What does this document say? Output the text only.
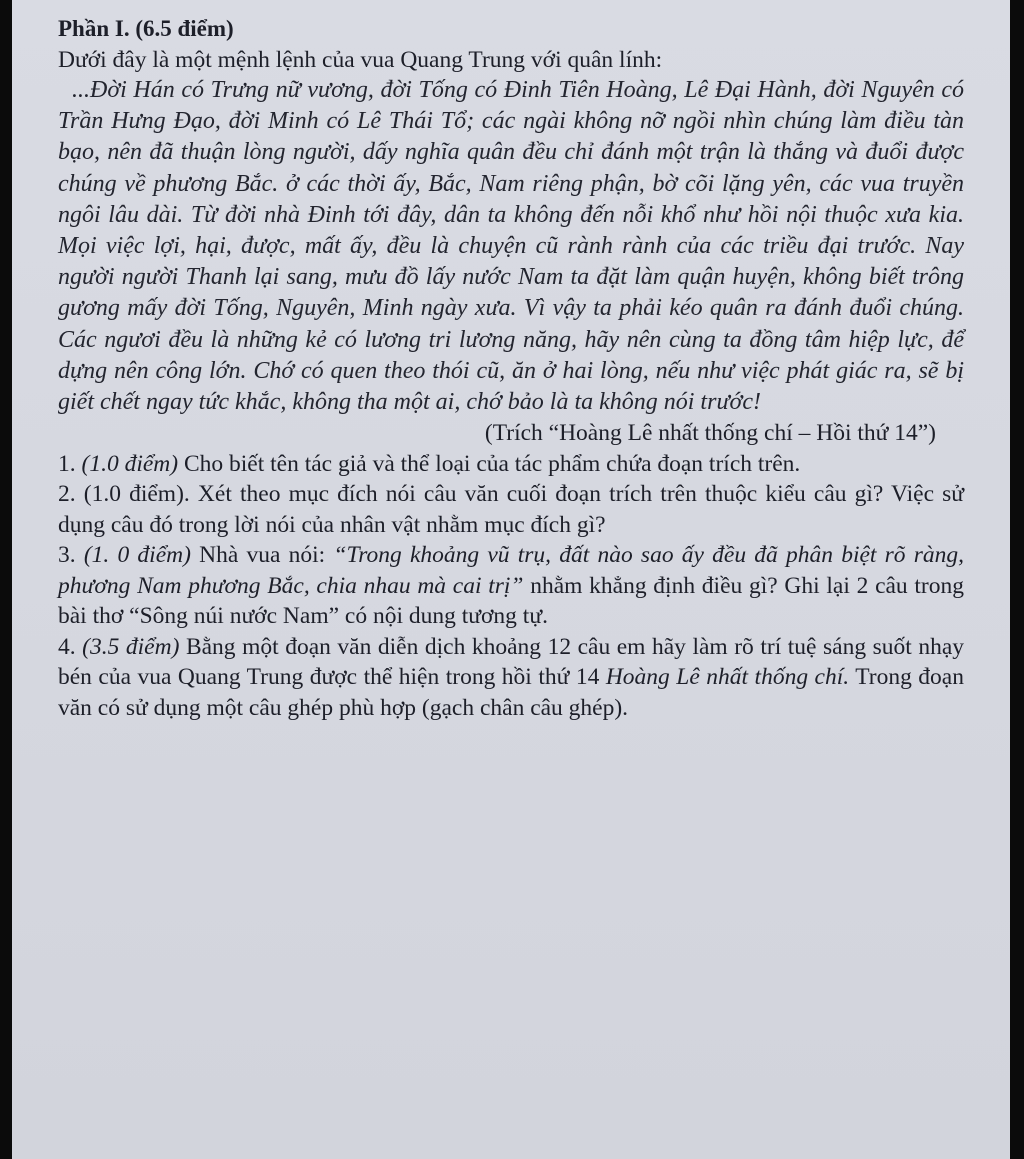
Phần I. (6.5 điểm)

Dưới đây là một mệnh lệnh của vua Quang Trung với quân lính:

...Đời Hán có Trưng nữ vương, đời Tống có Đinh Tiên Hoàng, Lê Đại Hành, đời Nguyên có Trần Hưng Đạo, đời Minh có Lê Thái Tổ; các ngài không nỡ ngồi nhìn chúng làm điều tàn bạo, nên đã thuận lòng người, dấy nghĩa quân đều chỉ đánh một trận là thắng và đuổi được chúng về phương Bắc. ở các thời ấy, Bắc, Nam riêng phận, bờ cõi lặng yên, các vua truyền ngôi lâu dài. Từ đời nhà Đinh tới đây, dân ta không đến nỗi khổ như hồi nội thuộc xưa kia. Mọi việc lợi, hại, được, mất ấy, đều là chuyện cũ rành rành của các triều đại trước. Nay người người Thanh lại sang, mưu đồ lấy nước Nam ta đặt làm quận huyện, không biết trông gương mấy đời Tống, Nguyên, Minh ngày xưa. Vì vậy ta phải kéo quân ra đánh đuổi chúng. Các ngươi đều là những kẻ có lương tri lương năng, hãy nên cùng ta đồng tâm hiệp lực, để dựng nên công lớn. Chớ có quen theo thói cũ, ăn ở hai lòng, nếu như việc phát giác ra, sẽ bị giết chết ngay tức khắc, không tha một ai, chớ bảo là ta không nói trước!

(Trích “Hoàng Lê nhất thống chí – Hồi thứ 14”)

1. (1.0 điểm) Cho biết tên tác giả và thể loại của tác phẩm chứa đoạn trích trên.

2. (1.0 điểm). Xét theo mục đích nói câu văn cuối đoạn trích trên thuộc kiểu câu gì? Việc sử dụng câu đó trong lời nói của nhân vật nhằm mục đích gì?

3. (1. 0 điểm) Nhà vua nói: “Trong khoảng vũ trụ, đất nào sao ấy đều đã phân biệt rõ ràng, phương Nam phương Bắc, chia nhau mà cai trị” nhằm khẳng định điều gì? Ghi lại 2 câu trong bài thơ “Sông núi nước Nam” có nội dung tương tự.

4. (3.5 điểm) Bằng một đoạn văn diễn dịch khoảng 12 câu em hãy làm rõ trí tuệ sáng suốt nhạy bén của vua Quang Trung được thể hiện trong hồi thứ 14 Hoàng Lê nhất thống chí. Trong đoạn văn có sử dụng một câu ghép phù hợp (gạch chân câu ghép).
